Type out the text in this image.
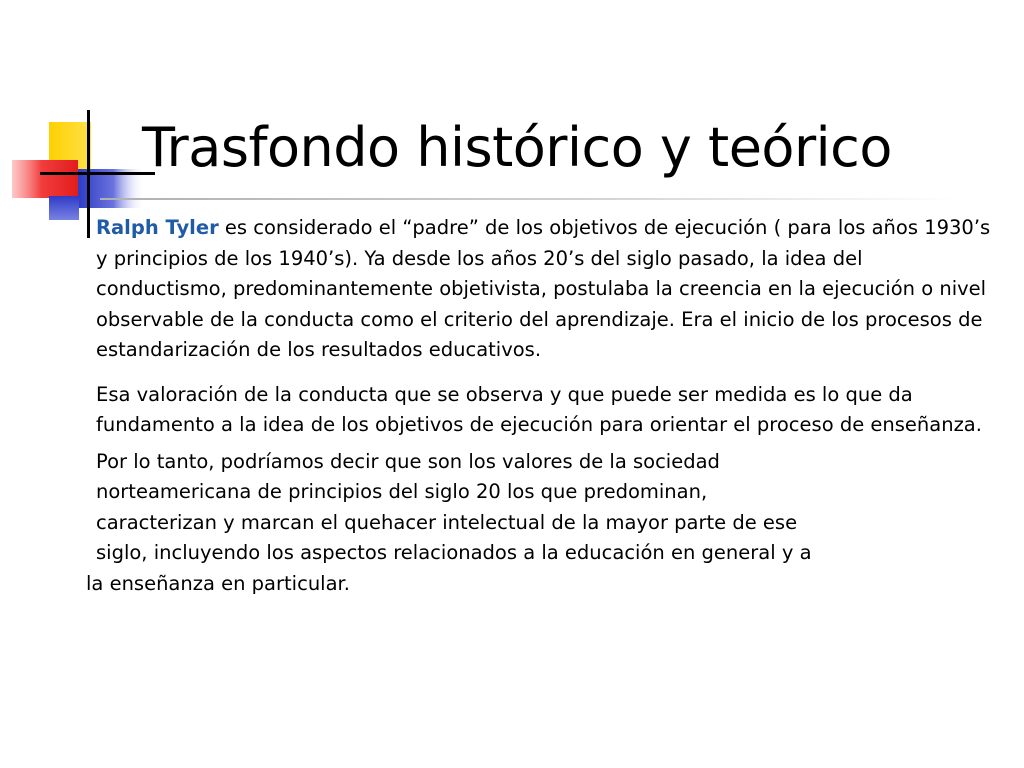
Trasfondo histórico y teórico

Ralph Tyler es considerado el “padre” de los objetivos de ejecución ( para los años 1930’s y principios de los 1940’s). Ya desde los años 20’s del siglo pasado, la idea del conductismo, predominantemente objetivista, postulaba la creencia en la ejecución o nivel observable de la conducta como el criterio del aprendizaje. Era el inicio de los procesos de estandarización de los resultados educativos.

Esa valoración de la conducta que se observa y que puede ser medida es lo que da fundamento a la idea de los objetivos de ejecución para orientar el proceso de enseñanza.

Por lo tanto, podríamos decir que son los valores de la sociedad
norteamericana de principios del siglo 20 los que predominan,
caracterizan y marcan el quehacer intelectual de la mayor parte de ese
siglo, incluyendo los aspectos relacionados a la educación en general y a
la enseñanza en particular.
